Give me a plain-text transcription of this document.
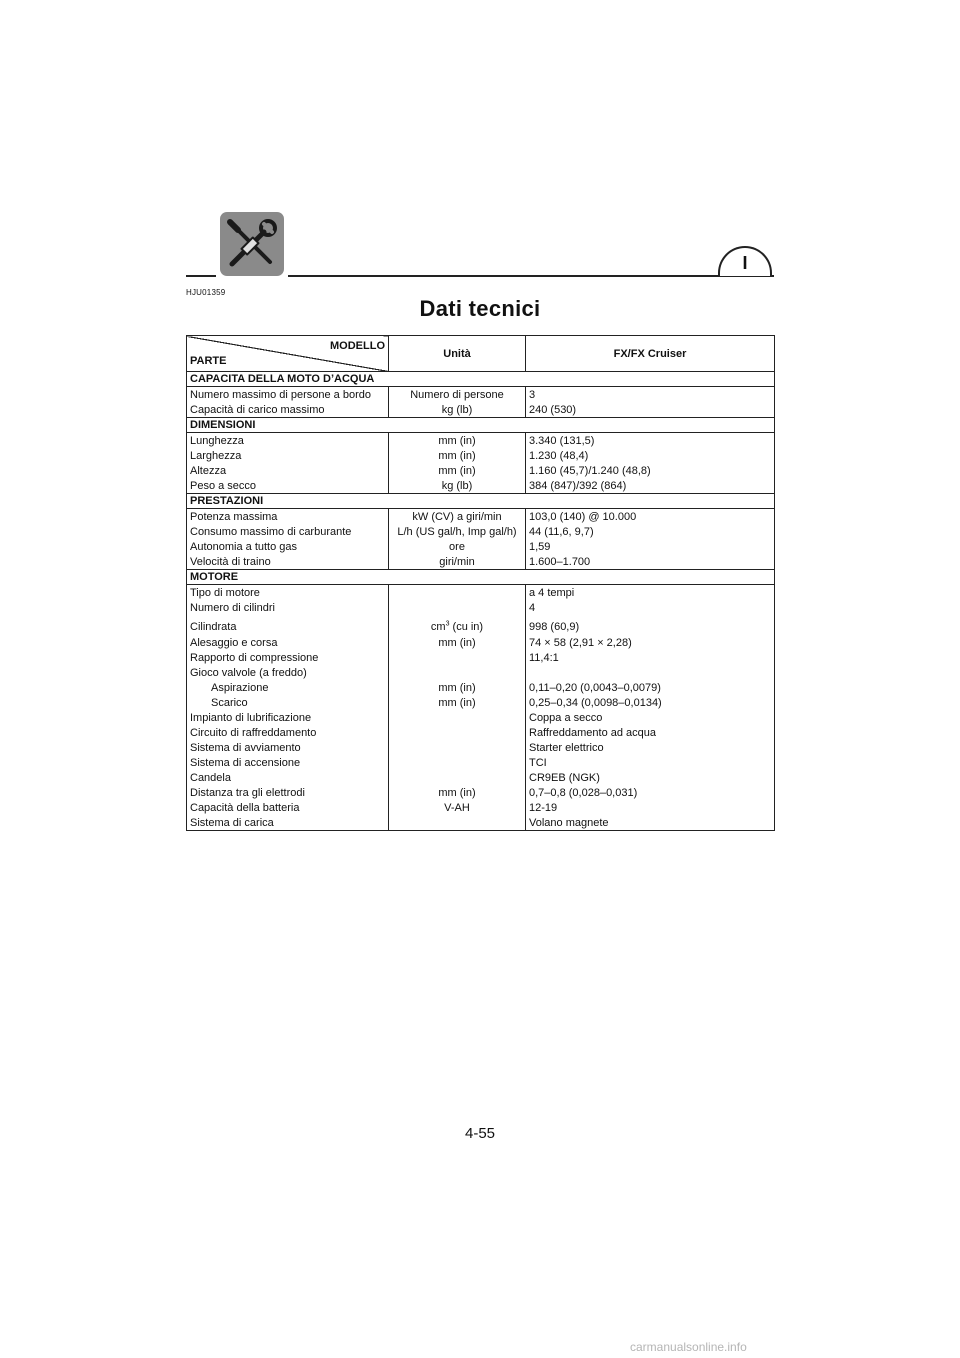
I
HJU01359
Dati tecnici
MODELLO
PARTE	Unità	FX/FX Cruiser
CAPACITA DELLA MOTO D’ACQUA		
Numero massimo di persone a bordo	Numero di persone	3
Capacità di carico massimo	kg (lb)	240 (530)
DIMENSIONI		
Lunghezza	mm (in)	3.340 (131,5)
Larghezza	mm (in)	1.230 (48,4)
Altezza	mm (in)	1.160 (45,7)/1.240 (48,8)
Peso a secco	kg (lb)	384 (847)/392 (864)
PRESTAZIONI		
Potenza massima	kW (CV) a giri/min	103,0 (140) @ 10.000
Consumo massimo di carburante	L/h (US gal/h, Imp gal/h)	44 (11,6, 9,7)
Autonomia a tutto gas	ore	1,59
Velocità di traino	giri/min	1.600–1.700
MOTORE		
Tipo di motore		a 4 tempi
Numero di cilindri		4
Cilindrata	$cm^3$ (cu in)	998 (60,9)
Alesaggio e corsa	mm (in)	74 × 58 (2,91 × 2,28)
Rapporto di compressione		11,4:1
Gioco valvole (a freddo)		
Aspirazione	mm (in)	0,11–0,20 (0,0043–0,0079)
Scarico	mm (in)	0,25–0,34 (0,0098–0,0134)
Impianto di lubrificazione		Coppa a secco
Circuito di raffreddamento		Raffreddamento ad acqua
Sistema di avviamento		Starter elettrico
Sistema di accensione		TCI
Candela		CR9EB (NGK)
Distanza tra gli elettrodi	mm (in)	0,7–0,8 (0,028–0,031)
Capacità della batteria	V-AH	12-19
Sistema di carica		Volano magnete
4-55
carmanualsonline.info
